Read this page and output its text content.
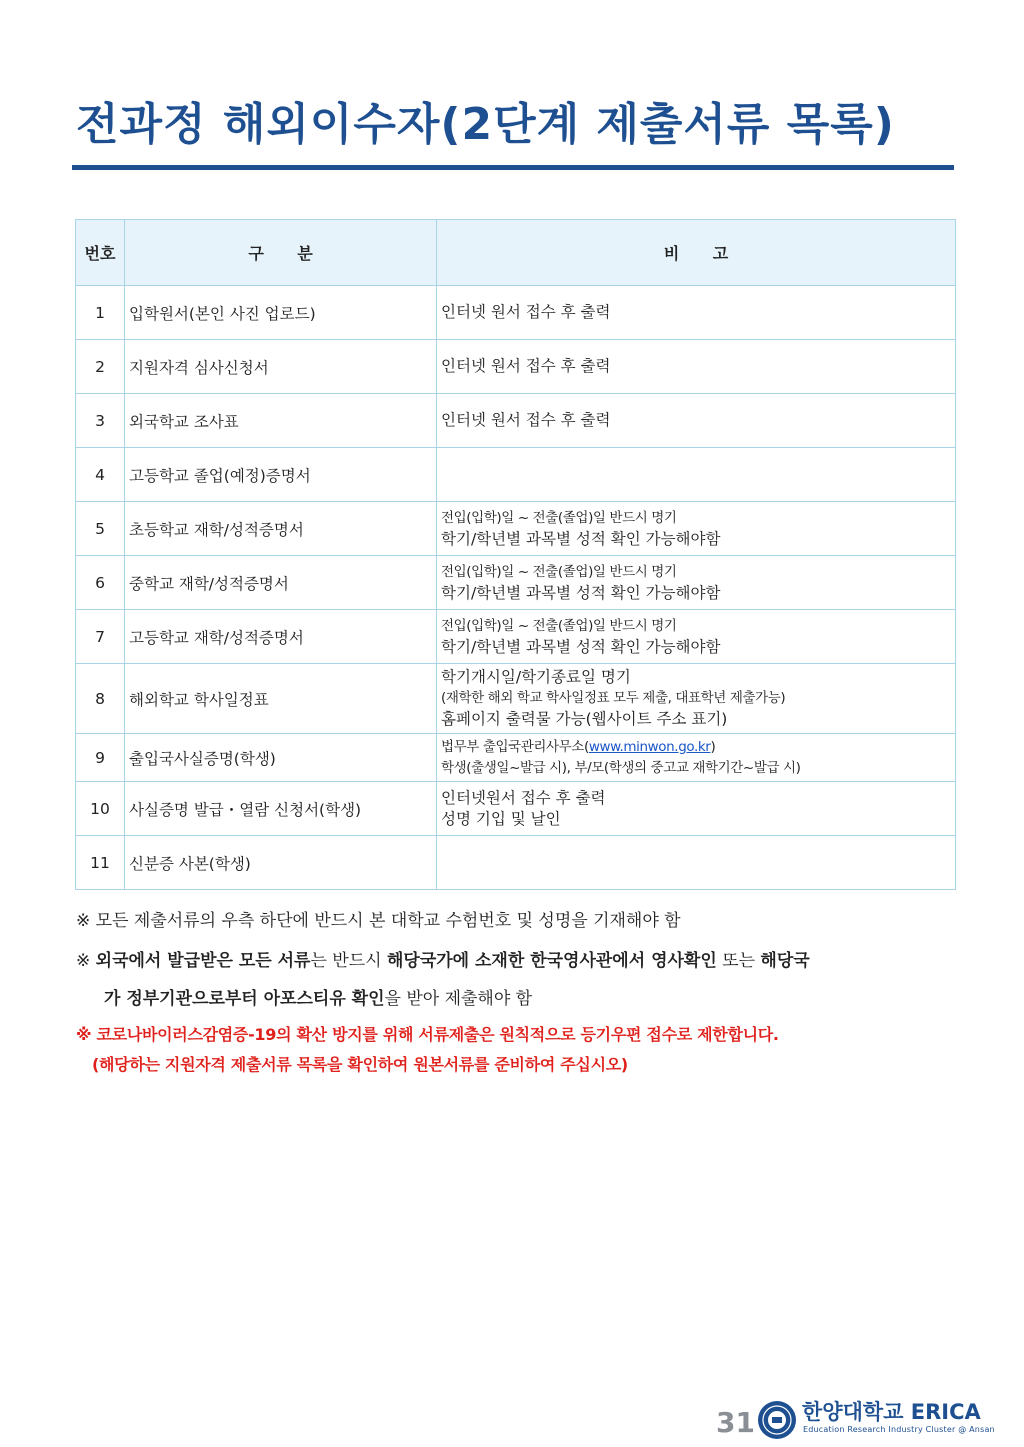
전과정 해외이수자(2단계 제출서류 목록)
번호	구      분	비      고
1	입학원서(본인 사진 업로드)	인터넷 원서 접수 후 출력

2	지원자격 심사신청서	인터넷 원서 접수 후 출력

3	외국학교 조사표	인터넷 원서 접수 후 출력

4	고등학교 졸업(예정)증명서	
5	초등학교 재학/성적증명서	전입(입학)일 ~ 전출(졸업)일 반드시 명기
학기/학년별 과목별 성적 확인 가능해야함

6	중학교 재학/성적증명서	전입(입학)일 ~ 전출(졸업)일 반드시 명기
학기/학년별 과목별 성적 확인 가능해야함

7	고등학교 재학/성적증명서	전입(입학)일 ~ 전출(졸업)일 반드시 명기
학기/학년별 과목별 성적 확인 가능해야함

8	해외학교 학사일정표	학기개시일/학기종료일 명기
(재학한 해외 학교 학사일정표 모두 제출, 대표학년 제출가능)
홈페이지 출력물 가능(웹사이트 주소 표기)

9	출입국사실증명(학생)	법무부 출입국관리사무소(www.minwon.go.kr)
학생(출생일~발급 시), 부/모(학생의 중고교 재학기간~발급 시)

10	사실증명 발급・열람 신청서(학생)	인터넷원서 접수 후 출력
성명 기입 및 날인

11	신분증 사본(학생)	
※ 모든 제출서류의 우측 하단에 반드시 본 대학교 수험번호 및 성명을 기재해야 함
※ 외국에서 발급받은 모든 서류는 반드시 해당국가에 소재한 한국영사관에서 영사확인 또는 해당국
가 정부기관으로부터 아포스티유 확인을 받아 제출해야 함
※ 코로나바이러스감염증-19의 확산 방지를 위해 서류제출은 원칙적으로 등기우편 접수로 제한합니다.
(해당하는 지원자격 제출서류 목록을 확인하여 원본서류를 준비하여 주십시오)
31 한양대학교 ERICA
Education Research Industry Cluster @ Ansan
